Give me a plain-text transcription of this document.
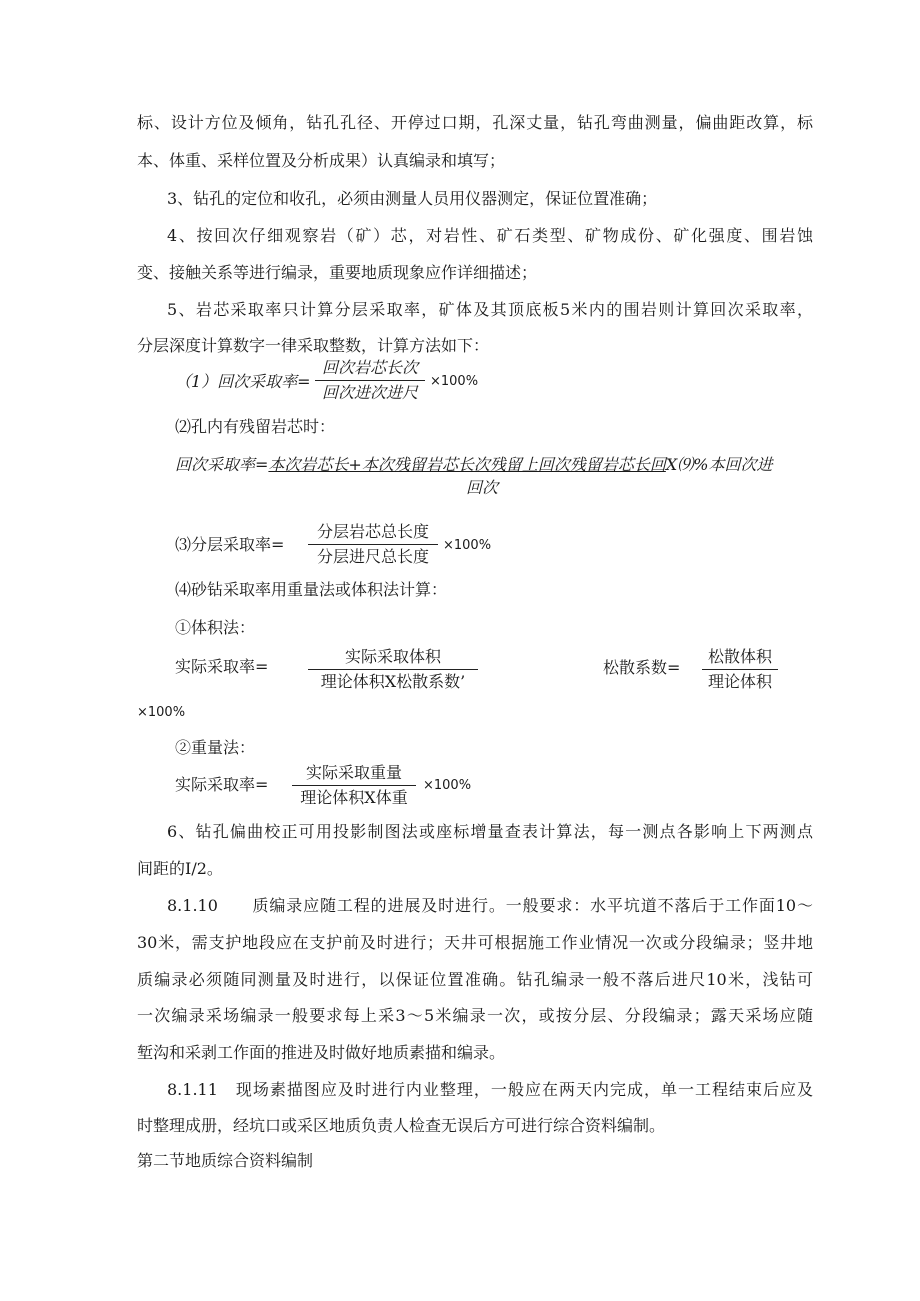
标、设计方位及倾角，钻孔孔径、开停过口期，孔深丈量，钻孔弯曲测量，偏曲距改算，标
本、体重、采样位置及分析成果）认真编录和填写；
3、钻孔的定位和收孔，必须由测量人员用仪器测定，保证位置准确；
4、按回次仔细观察岩（矿）芯，对岩性、矿石类型、矿物成份、矿化强度、围岩蚀
变、接触关系等进行编录，重要地质现象应作详细描述；
5、岩芯采取率只计算分层采取率，矿体及其顶底板5米内的围岩则计算回次采取率，
分层深度计算数字一律采取整数，计算方法如下：
（1）回次采取率=
回次岩芯长次
回次进次进尺
×100%
⑵孔内有残留岩芯时：
回次采取率=本次岩芯长+本次残留岩芯长次残留上回次残留岩芯长回X⑼%本回次进
回次
⑶分层采取率=
分层岩芯总长度
分层进尺总长度
×100%
⑷砂钻采取率用重量法或体积法计算：
①体积法：
实际采取率=
实际采取体积
理论体积X松散系数’
松散系数=
松散体积
理论体积
×100%
②重量法：
实际采取率=
实际采取重量
理论体积X体重
×100%
6、钻孔偏曲校正可用投影制图法或座标增量查表计算法，每一测点各影响上下两测点
间距的I/2。
8.1.10　　质编录应随工程的进展及时进行。一般要求：水平坑道不落后于工作面10～
30米，需支护地段应在支护前及时进行；天井可根据施工作业情况一次或分段编录；竖井地
质编录必须随同测量及时进行，以保证位置准确。钻孔编录一般不落后进尺10米，浅钻可
一次编录采场编录一般要求每上采3～5米编录一次，或按分层、分段编录；露天采场应随
堑沟和采剥工作面的推进及时做好地质素描和编录。
8.1.11　现场素描图应及时进行内业整理，一般应在两天内完成，单一工程结束后应及
时整理成册，经坑口或采区地质负责人检查无误后方可进行综合资料编制。
第二节地质综合资料编制
